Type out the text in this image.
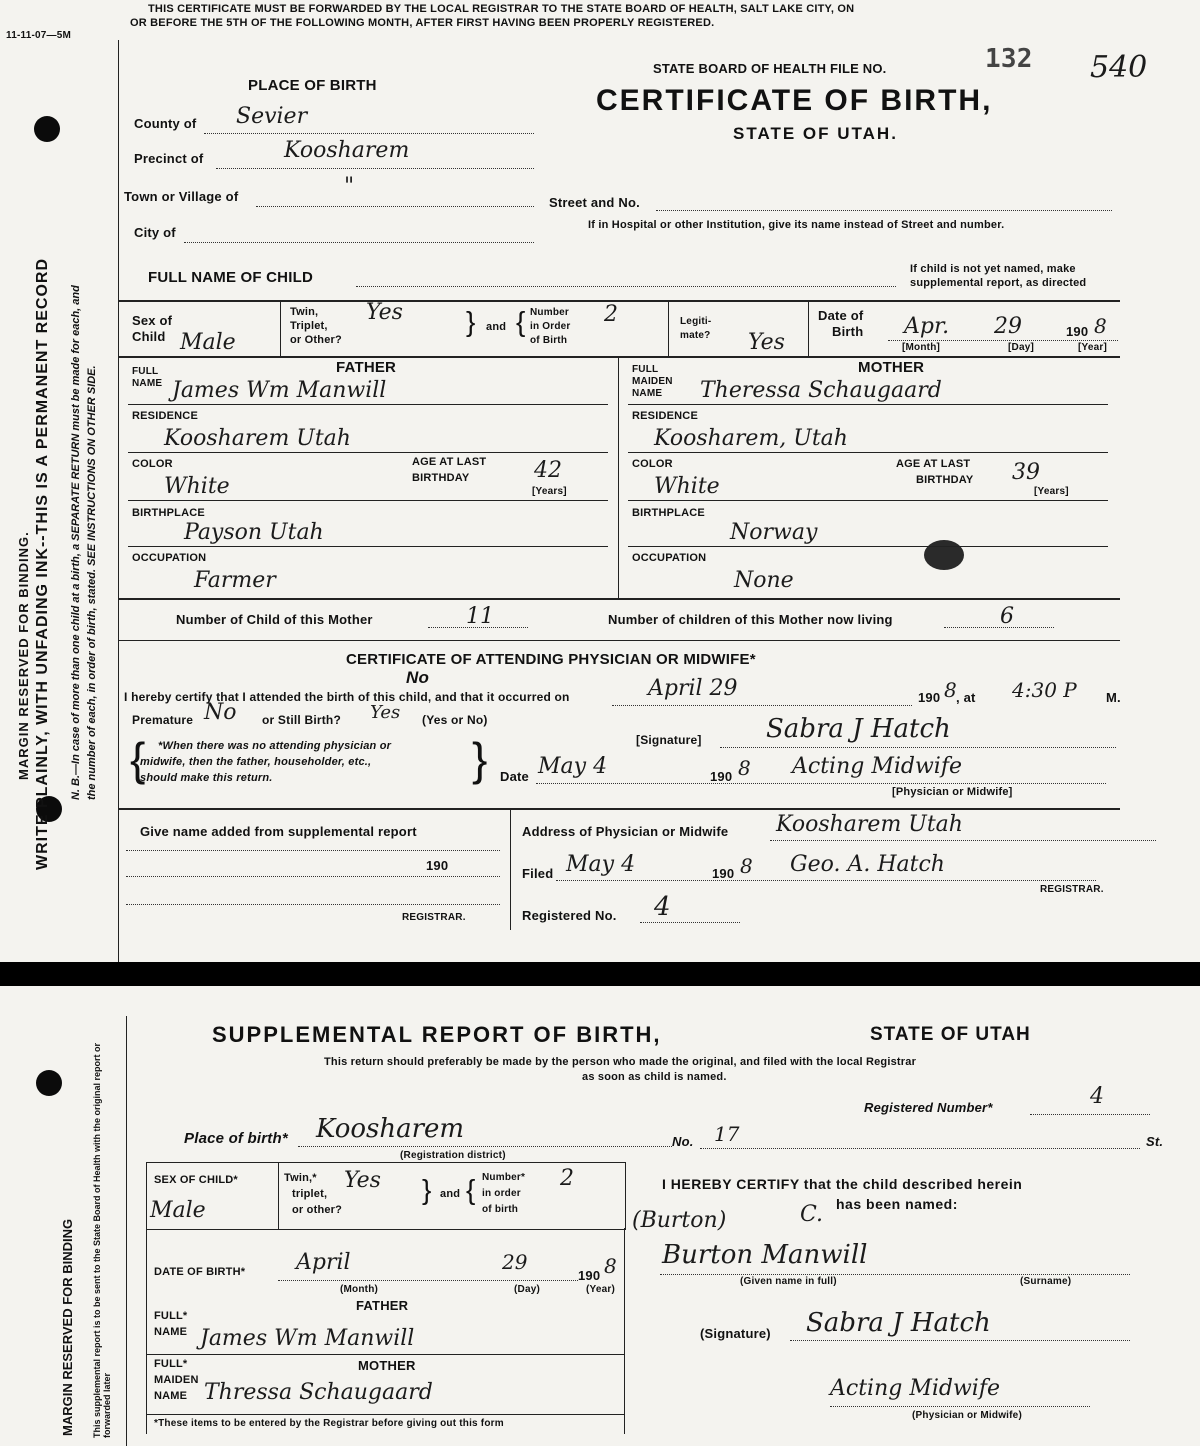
11-11-07—5M
THIS CERTIFICATE MUST BE FORWARDED BY THE LOCAL REGISTRAR TO THE STATE BOARD OF HEALTH, SALT LAKE CITY, ON
OR BEFORE THE 5TH OF THE FOLLOWING MONTH, AFTER FIRST HAVING BEEN PROPERLY REGISTERED.
STATE BOARD OF HEALTH FILE NO.	132 540
CERTIFICATE OF BIRTH,
STATE OF UTAH.
WRITE PLAINLY, WITH UNFADING INK--THIS IS A PERMANENT RECORD
MARGIN RESERVED FOR BINDING.	N. B.—In case of more than one child at a birth, a SEPARATE RETURN must be made for each, and the number of each, in order of birth, stated. SEE INSTRUCTIONS ON OTHER SIDE.
PLACE OF BIRTH
County of Sevier
Precinct of	Koosharem
Town or Village of	"
City of
Street and No.
If in Hospital or other Institution, give its name instead of Street and number.
FULL NAME OF CHILD	If child is not yet named, make
supplemental report, as directed
Sex of
Child Male
Twin,
Triplet,
or Other?
Yes } and { Number
in Order
of Birth
2	Legiti-
mate? Yes
Date of
Birth Apr. 29	190 8
[Month]	[Day]	[Year]
FATHER
FULL
NAME James Wm Manwill
RESIDENCE
Koosharem Utah
COLOR
White
AGE AT LAST
BIRTHDAY	42
[Years]
BIRTHPLACE
Payson Utah
OCCUPATION
Farmer
MOTHER
FULL
MAIDEN
NAME Theressa Schaugaard
RESIDENCE
Koosharem, Utah
COLOR
White
AGE AT LAST
BIRTHDAY 39
[Years]
BIRTHPLACE
Norway
OCCUPATION
None
Number of Child of this Mother	11	Number of children of this Mother now living	6
CERTIFICATE OF ATTENDING PHYSICIAN OR MIDWIFE*
No
I hereby certify that I attended the birth of this child, and that it occurred on	April 29	190 8 , at 4:30 P M.
Premature No or Still Birth? Yes (Yes or No)
{ *When there was no attending physician or
midwife, then the father, householder, etc.,
should make this return.	}	[Signature] Sabra J Hatch
Date May 4	190 8 Acting Midwife
[Physician or Midwife]
Give name added from supplemental report
190
REGISTRAR.
Address of Physician or Midwife Koosharem Utah
Filed May 4	190 8 Geo. A. Hatch
REGISTRAR.
Registered No. 4
MARGIN RESERVED FOR BINDING This supplemental report is to be sent to the State Board of Health with the original report or forwarded later
SUPPLEMENTAL REPORT OF BIRTH,	STATE OF UTAH
This return should preferably be made by the person who made the original, and filed with the local Registrar
as soon as child is named.
Registered Number*	4
Place of birth* Koosharem
(Registration district)
No. 17	St.
SEX OF CHILD*
Male
Twin,*
triplet,
or other?
Yes } and { Number*
in order
of birth
2
DATE OF BIRTH* April	29
190 8
(Month)	(Day)	(Year)
FATHER
FULL*
NAME James Wm Manwill
MOTHER
FULL*
MAIDEN
NAME Thressa Schaugaard
*These items to be entered by the Registrar before giving out this form
I HEREBY CERTIFY that the child described herein
has been named:
(Burton)	C.
Burton Manwill
(Given name in full)	(Surname)
(Signature) Sabra J Hatch
Acting Midwife
(Physician or Midwife)
